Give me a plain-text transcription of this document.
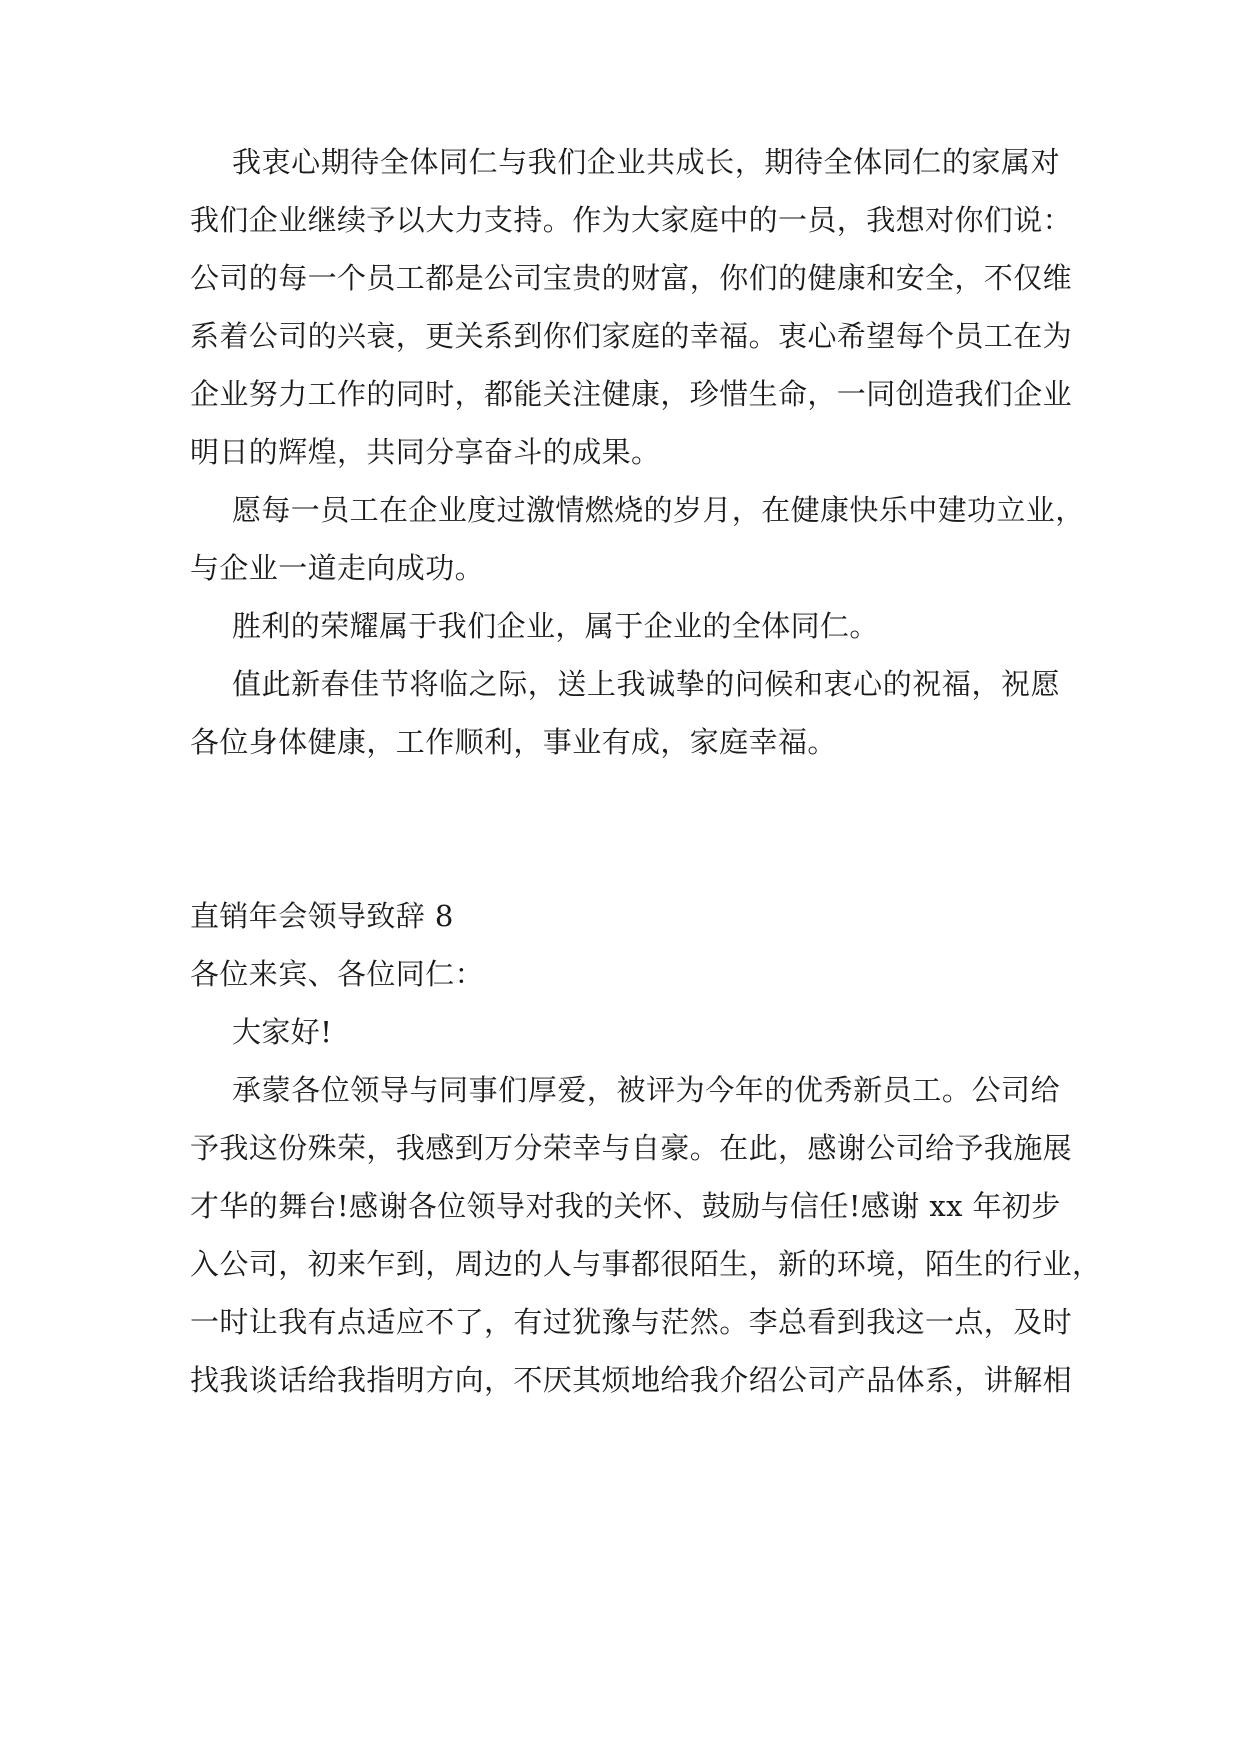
我衷心期待全体同仁与我们企业共成长，期待全体同仁的家属对
我们企业继续予以大力支持。作为大家庭中的一员，我想对你们说：
公司的每一个员工都是公司宝贵的财富，你们的健康和安全，不仅维
系着公司的兴衰，更关系到你们家庭的幸福。衷心希望每个员工在为
企业努力工作的同时，都能关注健康，珍惜生命，一同创造我们企业
明日的辉煌，共同分享奋斗的成果。
愿每一员工在企业度过激情燃烧的岁月，在健康快乐中建功立业，
与企业一道走向成功。
胜利的荣耀属于我们企业，属于企业的全体同仁。
值此新春佳节将临之际，送上我诚挚的问候和衷心的祝福，祝愿
各位身体健康，工作顺利，事业有成，家庭幸福。
直销年会领导致辞 8
各位来宾、各位同仁：
大家好!
承蒙各位领导与同事们厚爱，被评为今年的优秀新员工。公司给
予我这份殊荣，我感到万分荣幸与自豪。在此，感谢公司给予我施展
才华的舞台!感谢各位领导对我的关怀、鼓励与信任!感谢 xx 年初步
入公司，初来乍到，周边的人与事都很陌生，新的环境，陌生的行业，
一时让我有点适应不了，有过犹豫与茫然。李总看到我这一点，及时
找我谈话给我指明方向，不厌其烦地给我介绍公司产品体系，讲解相
